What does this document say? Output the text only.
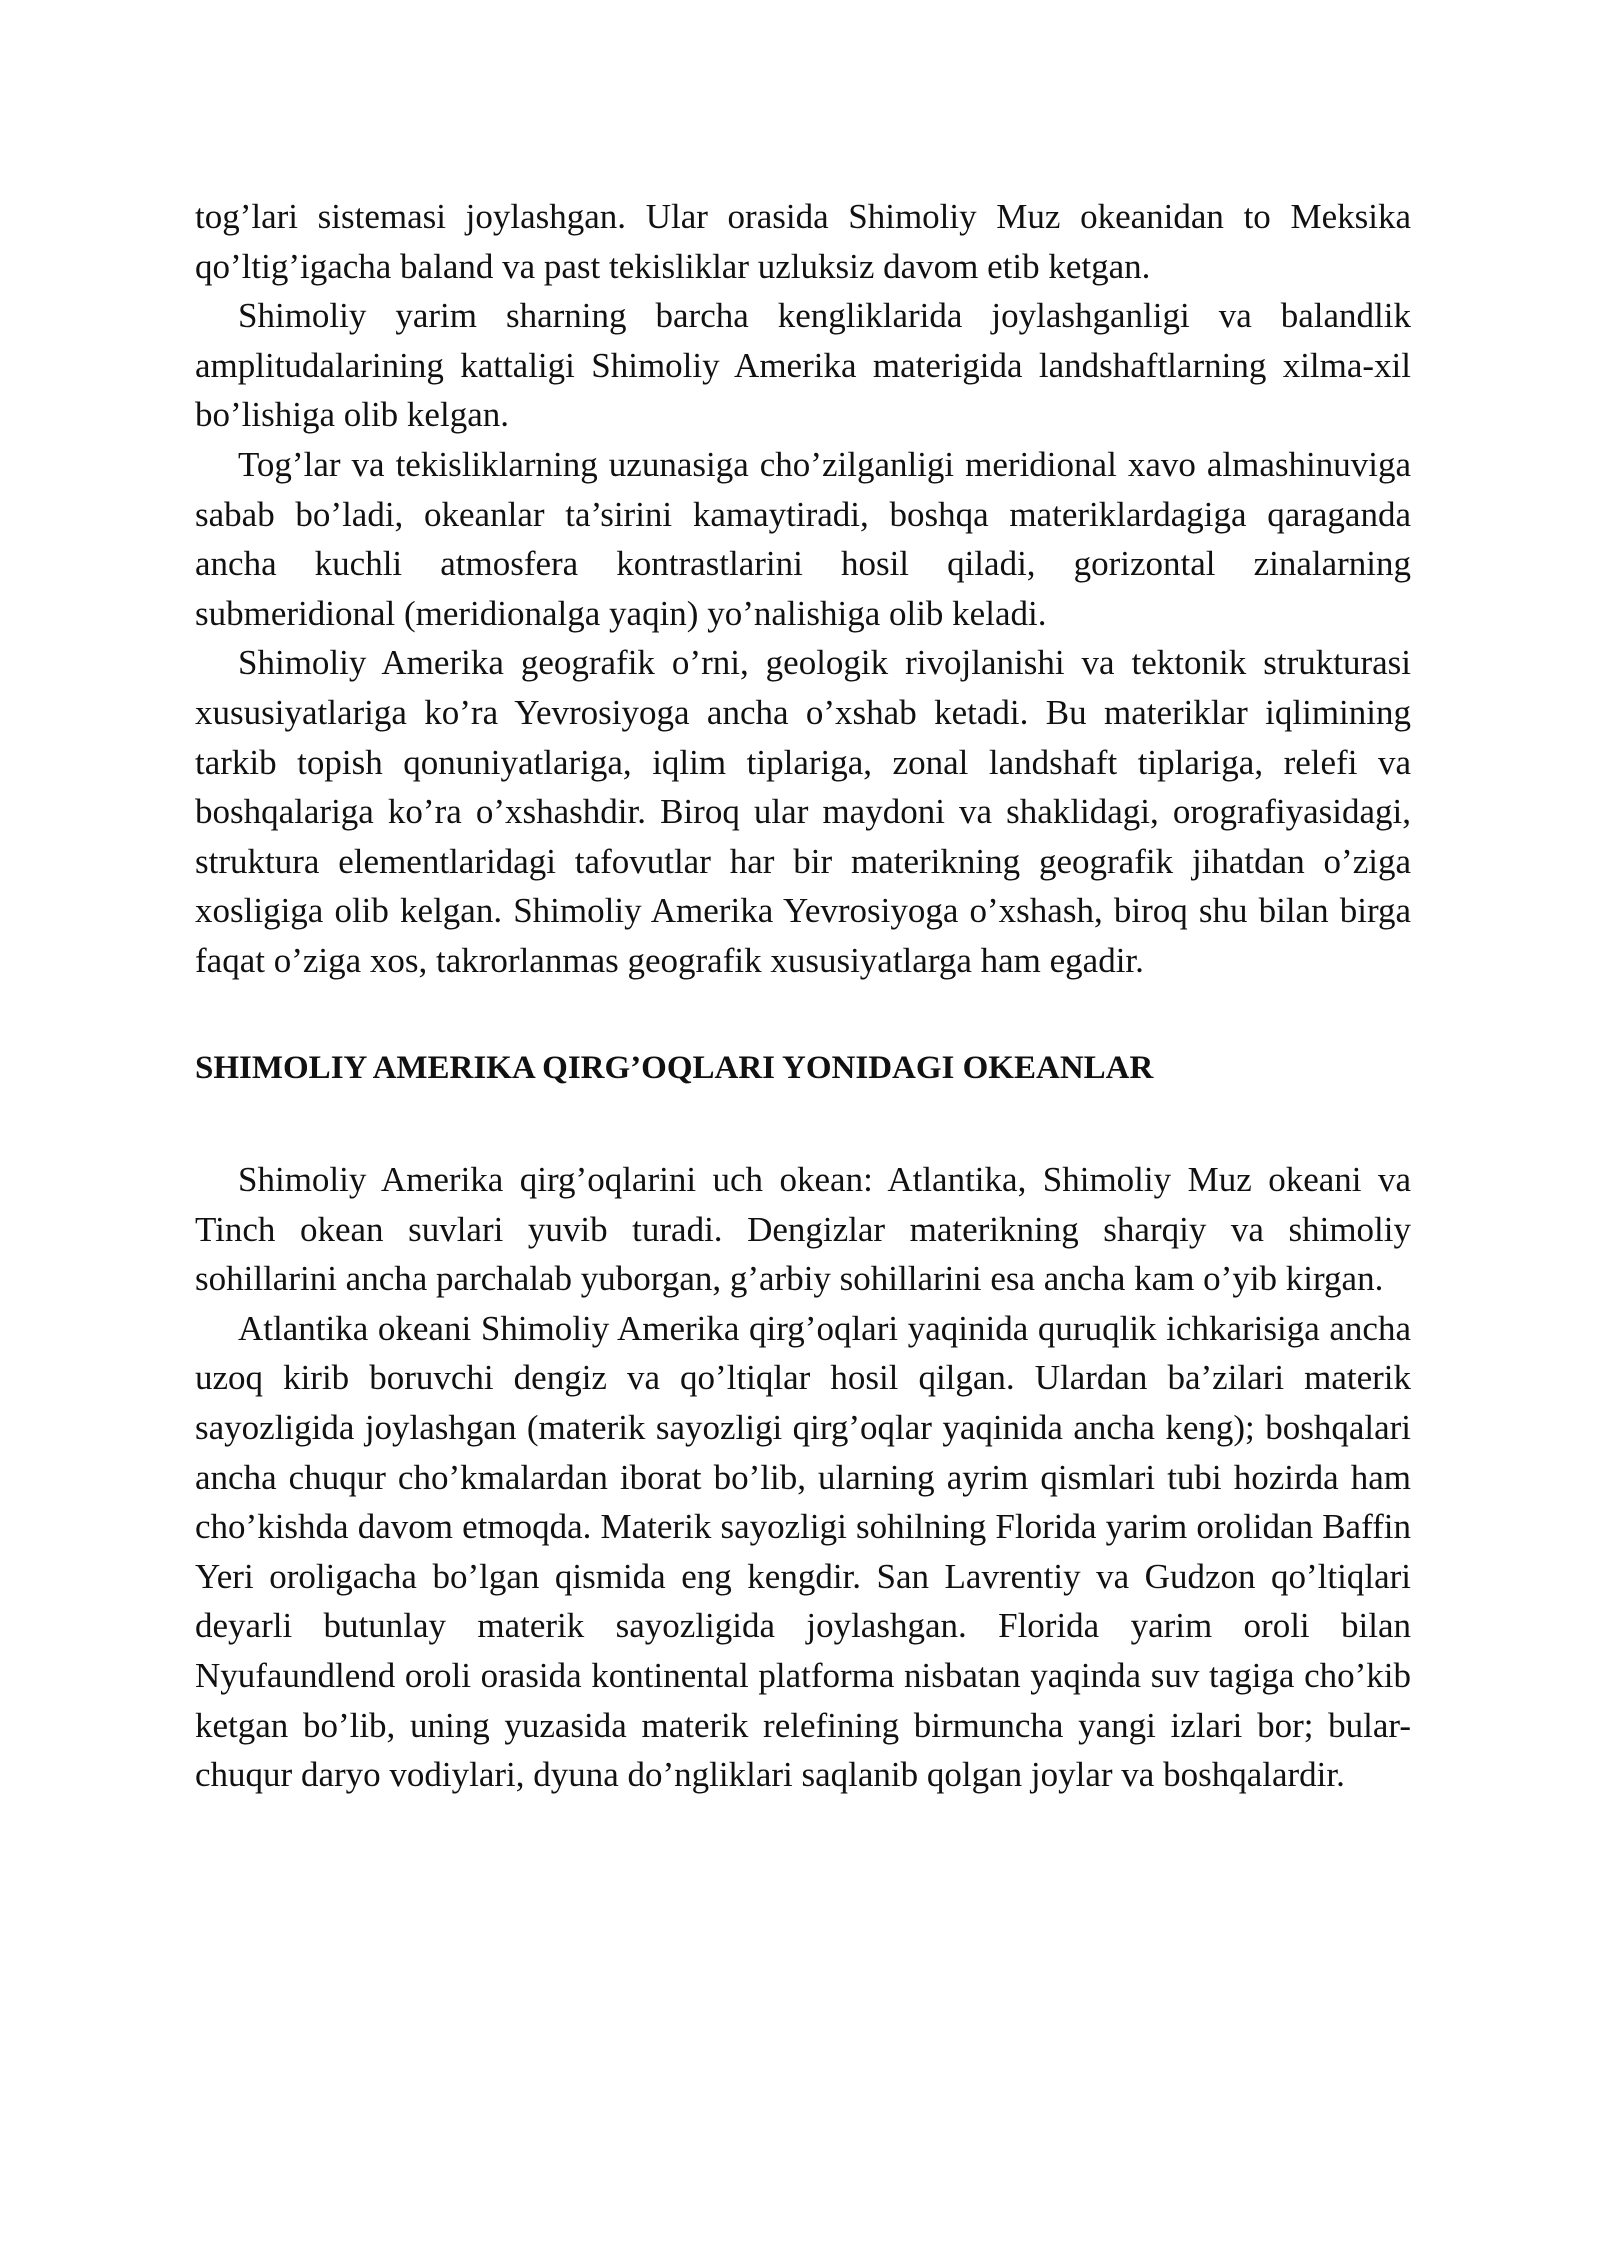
tog’lari sistemasi joylashgan. Ular orasida Shimoliy Muz okeanidan to Meksika qo’ltig’igacha baland va past tekisliklar uzluksiz davom etib ketgan.

Shimoliy yarim sharning barcha kengliklarida joylashganligi va balandlik amplitudalarining kattaligi Shimoliy Amerika materigida landshaftlarning xilma-xil bo’lishiga olib kelgan.

Tog’lar va tekisliklarning uzunasiga cho’zilganligi meridional xavo almashinuviga sabab bo’ladi, okeanlar ta’sirini kamaytiradi, boshqa materiklardagiga qaraganda ancha kuchli atmosfera kontrastlarini hosil qiladi, gorizontal zinalarning submeridional (meridionalga yaqin) yo’nalishiga olib keladi.

Shimoliy Amerika geografik o’rni, geologik rivojlanishi va tektonik strukturasi xususiyatlariga ko’ra Yevrosiyoga ancha o’xshab ketadi. Bu materiklar iqlimining tarkib topish qonuniyatlariga, iqlim tiplariga, zonal landshaft tiplariga, relefi va boshqalariga ko’ra o’xshashdir. Biroq ular maydoni va shaklidagi, orografiyasidagi, struktura elementlaridagi tafovutlar har bir materikning geografik jihatdan o’ziga xosligiga olib kelgan. Shimoliy Amerika Yevrosiyoga o’xshash, biroq shu bilan birga faqat o’ziga xos, takrorlanmas geografik xususiyatlarga ham egadir.

SHIMOLIY AMERIKA QIRG’OQLARI YONIDAGI OKEANLAR

Shimoliy Amerika qirg’oqlarini uch okean: Atlantika, Shimoliy Muz okeani va Tinch okean suvlari yuvib turadi. Dengizlar materikning sharqiy va shimoliy sohillarini ancha parchalab yuborgan, g’arbiy sohillarini esa ancha kam o’yib kirgan.

Atlantika okeani Shimoliy Amerika qirg’oqlari yaqinida quruqlik ichkarisiga ancha uzoq kirib boruvchi dengiz va qo’ltiqlar hosil qilgan. Ulardan ba’zilari materik sayozligida joylashgan (materik sayozligi qirg’oqlar yaqinida ancha keng); boshqalari ancha chuqur cho’kmalardan iborat bo’lib, ularning ayrim qismlari tubi hozirda ham cho’kishda davom etmoqda. Materik sayozligi sohilning Florida yarim orolidan Baffin Yeri oroligacha bo’lgan qismida eng kengdir. San Lavrentiy va Gudzon qo’ltiqlari deyarli butunlay materik sayozligida joylashgan. Florida yarim oroli bilan Nyufaundlend oroli orasida kontinental platforma nisbatan yaqinda suv tagiga cho’kib ketgan bo’lib, uning yuzasida materik relefining birmuncha yangi izlari bor; bular-chuqur daryo vodiylari, dyuna do’ngliklari saqlanib qolgan joylar va boshqalardir.
